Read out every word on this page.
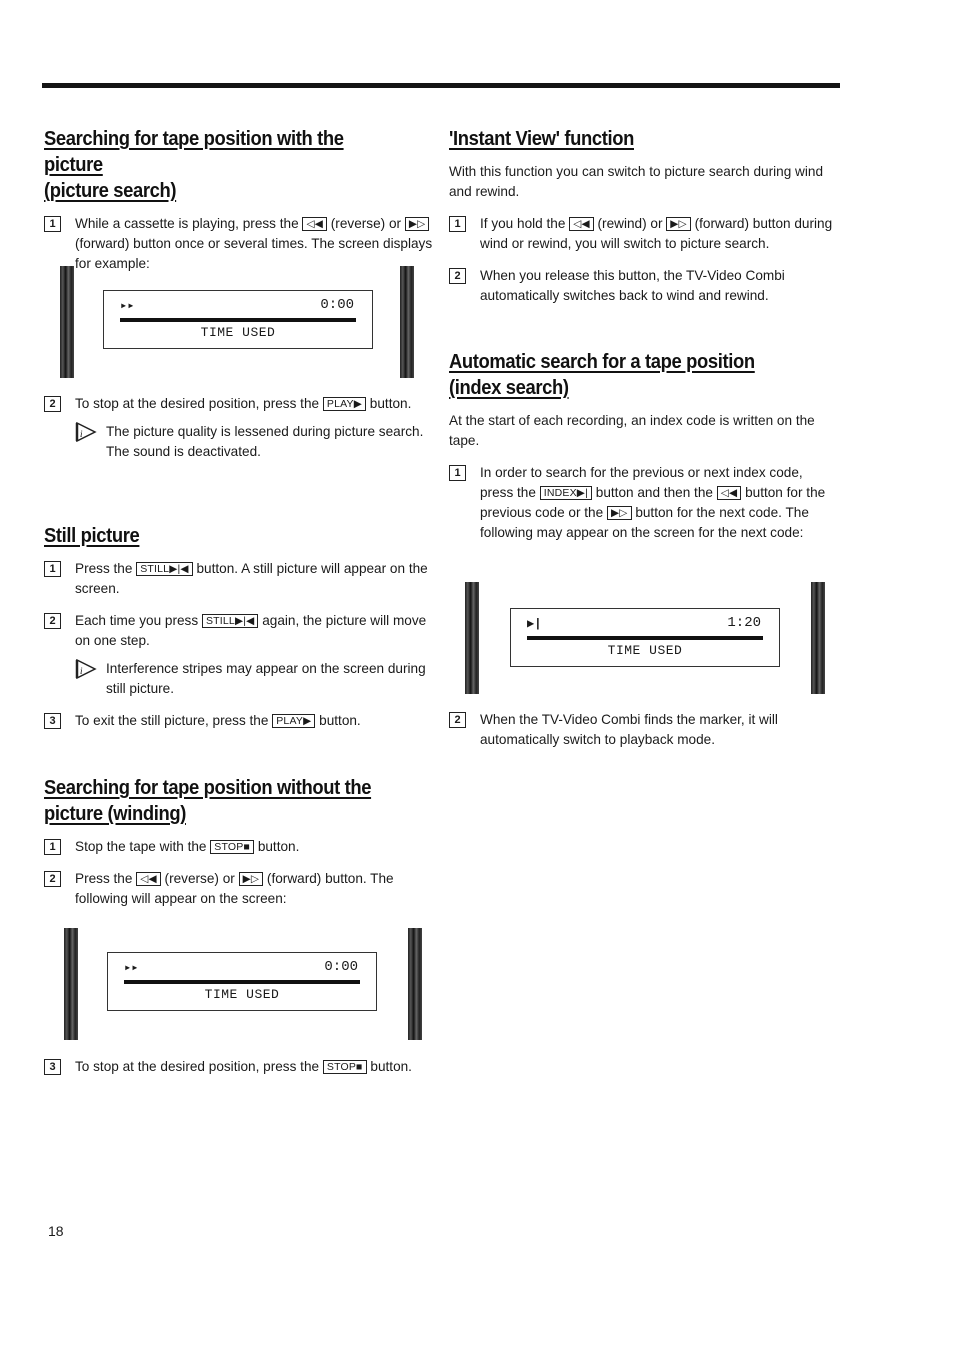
Searching for tape position with the picture
(picture search)
1	While a cassette is playing, press the ◁◀ (reverse) or ▶▷ (forward) button once or several times. The screen displays for example:
▸▸	0:00
TIME USED
2	To stop at the desired position, press the PLAY▶ button.
i The picture quality is lessened during picture search. The sound is deactivated.
Still picture
1	Press the STILL▶|◀ button. A still picture will appear on the screen.
2	Each time you press STILL▶|◀ again, the picture will move on one step.
i Interference stripes may appear on the screen during still picture.
3	To exit the still picture, press the PLAY▶ button.
Searching for tape position without the
picture (winding)
1	Stop the tape with the STOP■ button.
2	Press the ◁◀ (reverse) or ▶▷ (forward) button. The following will appear on the screen:
▸▸	0:00
TIME USED
3	To stop at the desired position, press the STOP■ button.
'Instant View' function

With this function you can switch to picture search during wind and rewind.

1	If you hold the ◁◀ (rewind) or ▶▷ (forward) button during wind or rewind, you will switch to picture search.
2	When you release this button, the TV-Video Combi automatically switches back to wind and rewind.
Automatic search for a tape position
(index search)

At the start of each recording, an index code is written on the tape.

1	In order to search for the previous or next index code, press the INDEX▶| button and then the ◁◀ button for the previous code or the ▶▷ button for the next code. The following may appear on the screen for the next code:
▶|	1:20
TIME USED
2	When the TV-Video Combi finds the marker, it will automatically switch to playback mode.
18
